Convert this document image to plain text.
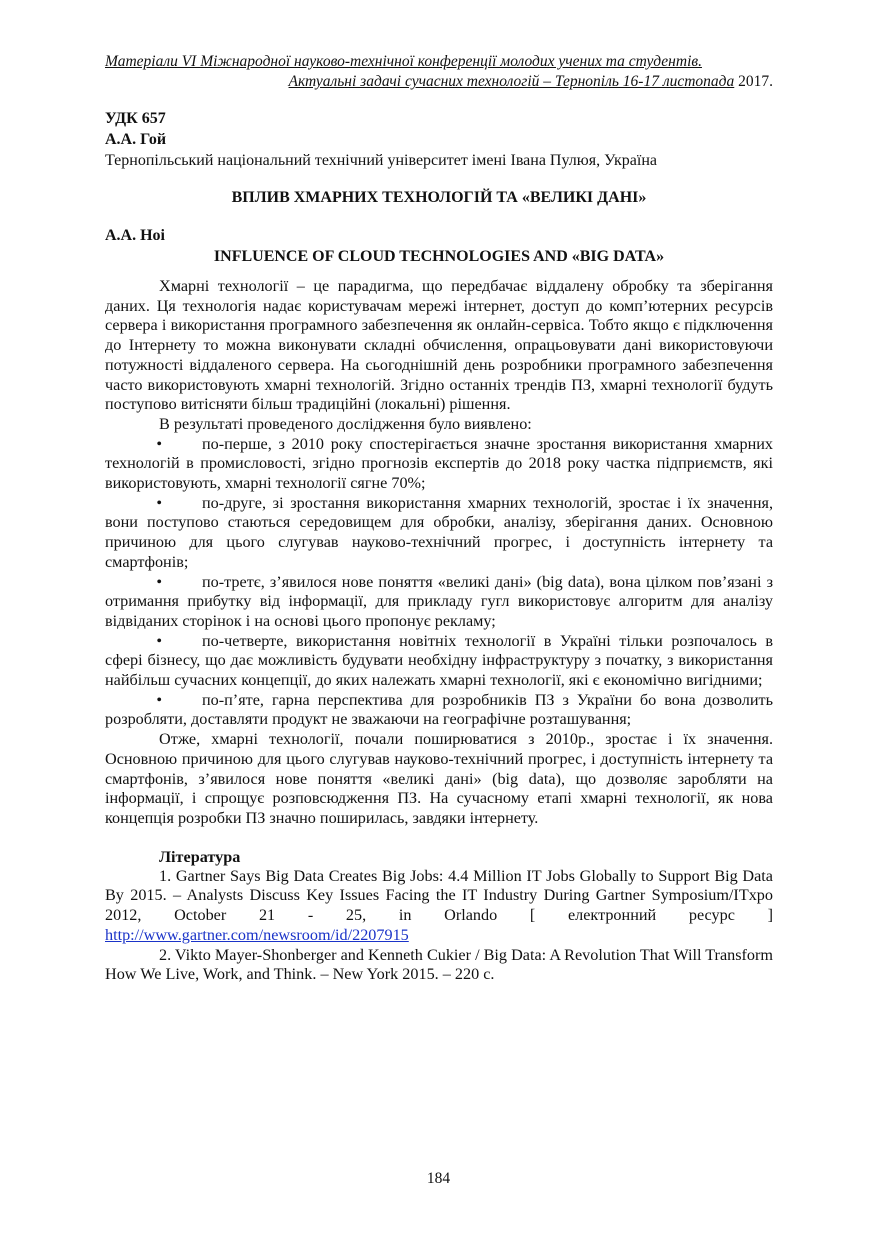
Матеріали VІ Міжнародної науково-технічної конференції молодих учених та студентів.
Актуальні задачі сучасних технологій – Тернопіль 16-17 листопада 2017.
УДК 657
А.А. Гой
Тернопільський національний технічний університет імені Івана Пулюя, Україна
ВПЛИВ ХМАРНИХ ТЕХНОЛОГІЙ ТА «ВЕЛИКІ ДАНІ»
A.A. Hoi
INFLUENCE OF CLOUD TECHNOLOGIES AND «BIG DATA»

Хмарні технології – це парадигма, що передбачає віддалену обробку та зберігання даних. Ця технологія надає користувачам мережі інтернет, доступ до комп’ютерних ресурсів сервера і використання програмного забезпечення як онлайн-сервіса. Тобто якщо є підключення до Інтернету то можна виконувати складні обчислення, опрацьовувати дані використовуючи потужності віддаленого сервера. На сьогоднішній день розробники програмного забезпечення часто використовують хмарні технологій. Згідно останніх трендів ПЗ, хмарні технології будуть поступово витісняти більш традиційні (локальні) рішення.

В результаті проведеного дослідження було виявлено:

• по-перше, з 2010 року спостерігається значне зростання використання хмарних технологій в промисловості, згідно прогнозів експертів до 2018 року частка підприємств, які використовують, хмарні технології сягне 70%;

• по-друге, зі зростання використання хмарних технологій, зростає і їх значення, вони поступово стаються середовищем для обробки, аналізу, зберігання даних. Основною причиною для цього слугував науково-технічний прогрес, і доступність інтернету та смартфонів;

• по-третє, з’явилося нове поняття «великі дані» (big data), вона цілком пов’язані з отримання прибутку від інформації, для прикладу гугл використовує алгоритм для аналізу відвіданих сторінок і на основі цього пропонує рекламу;

• по-четверте, використання новітніх технології в Україні тільки розпочалось в сфері бізнесу, що дає можливість будувати необхідну інфраструктуру з початку, з використання найбільш сучасних концепції, до яких належать хмарні технології, які є економічно вигідними;

• по-п’яте, гарна перспектива для розробників ПЗ з України бо вона дозволить розробляти, доставляти продукт не зважаючи на географічне розташування;

Отже, хмарні технології, почали поширюватися з 2010р., зростає і їх значення. Основною причиною для цього слугував науково-технічний прогрес, і доступність інтернету та смартфонів, з’явилося нове поняття «великі дані» (big data), що дозволяє заробляти на інформації, і спрощує розповсюдження ПЗ. На сучасному етапі хмарні технології, як нова концепція розробки ПЗ значно поширилась, завдяки інтернету.

Література

1. Gartner Says Big Data Creates Big Jobs: 4.4 Million IT Jobs Globally to Support Big Data By 2015. – Analysts Discuss Key Issues Facing the IT Industry During Gartner Symposium/ITxpo 2012, October 21 - 25, in Orlando [ електронний ресурс ] http://www.gartner.com/newsroom/id/2207915

2. Vikto Mayer-Shonberger and Kenneth Cukier / Big Data: A Revolution That Will Transform How We Live, Work, and Think. – New York 2015. – 220 с.

184
